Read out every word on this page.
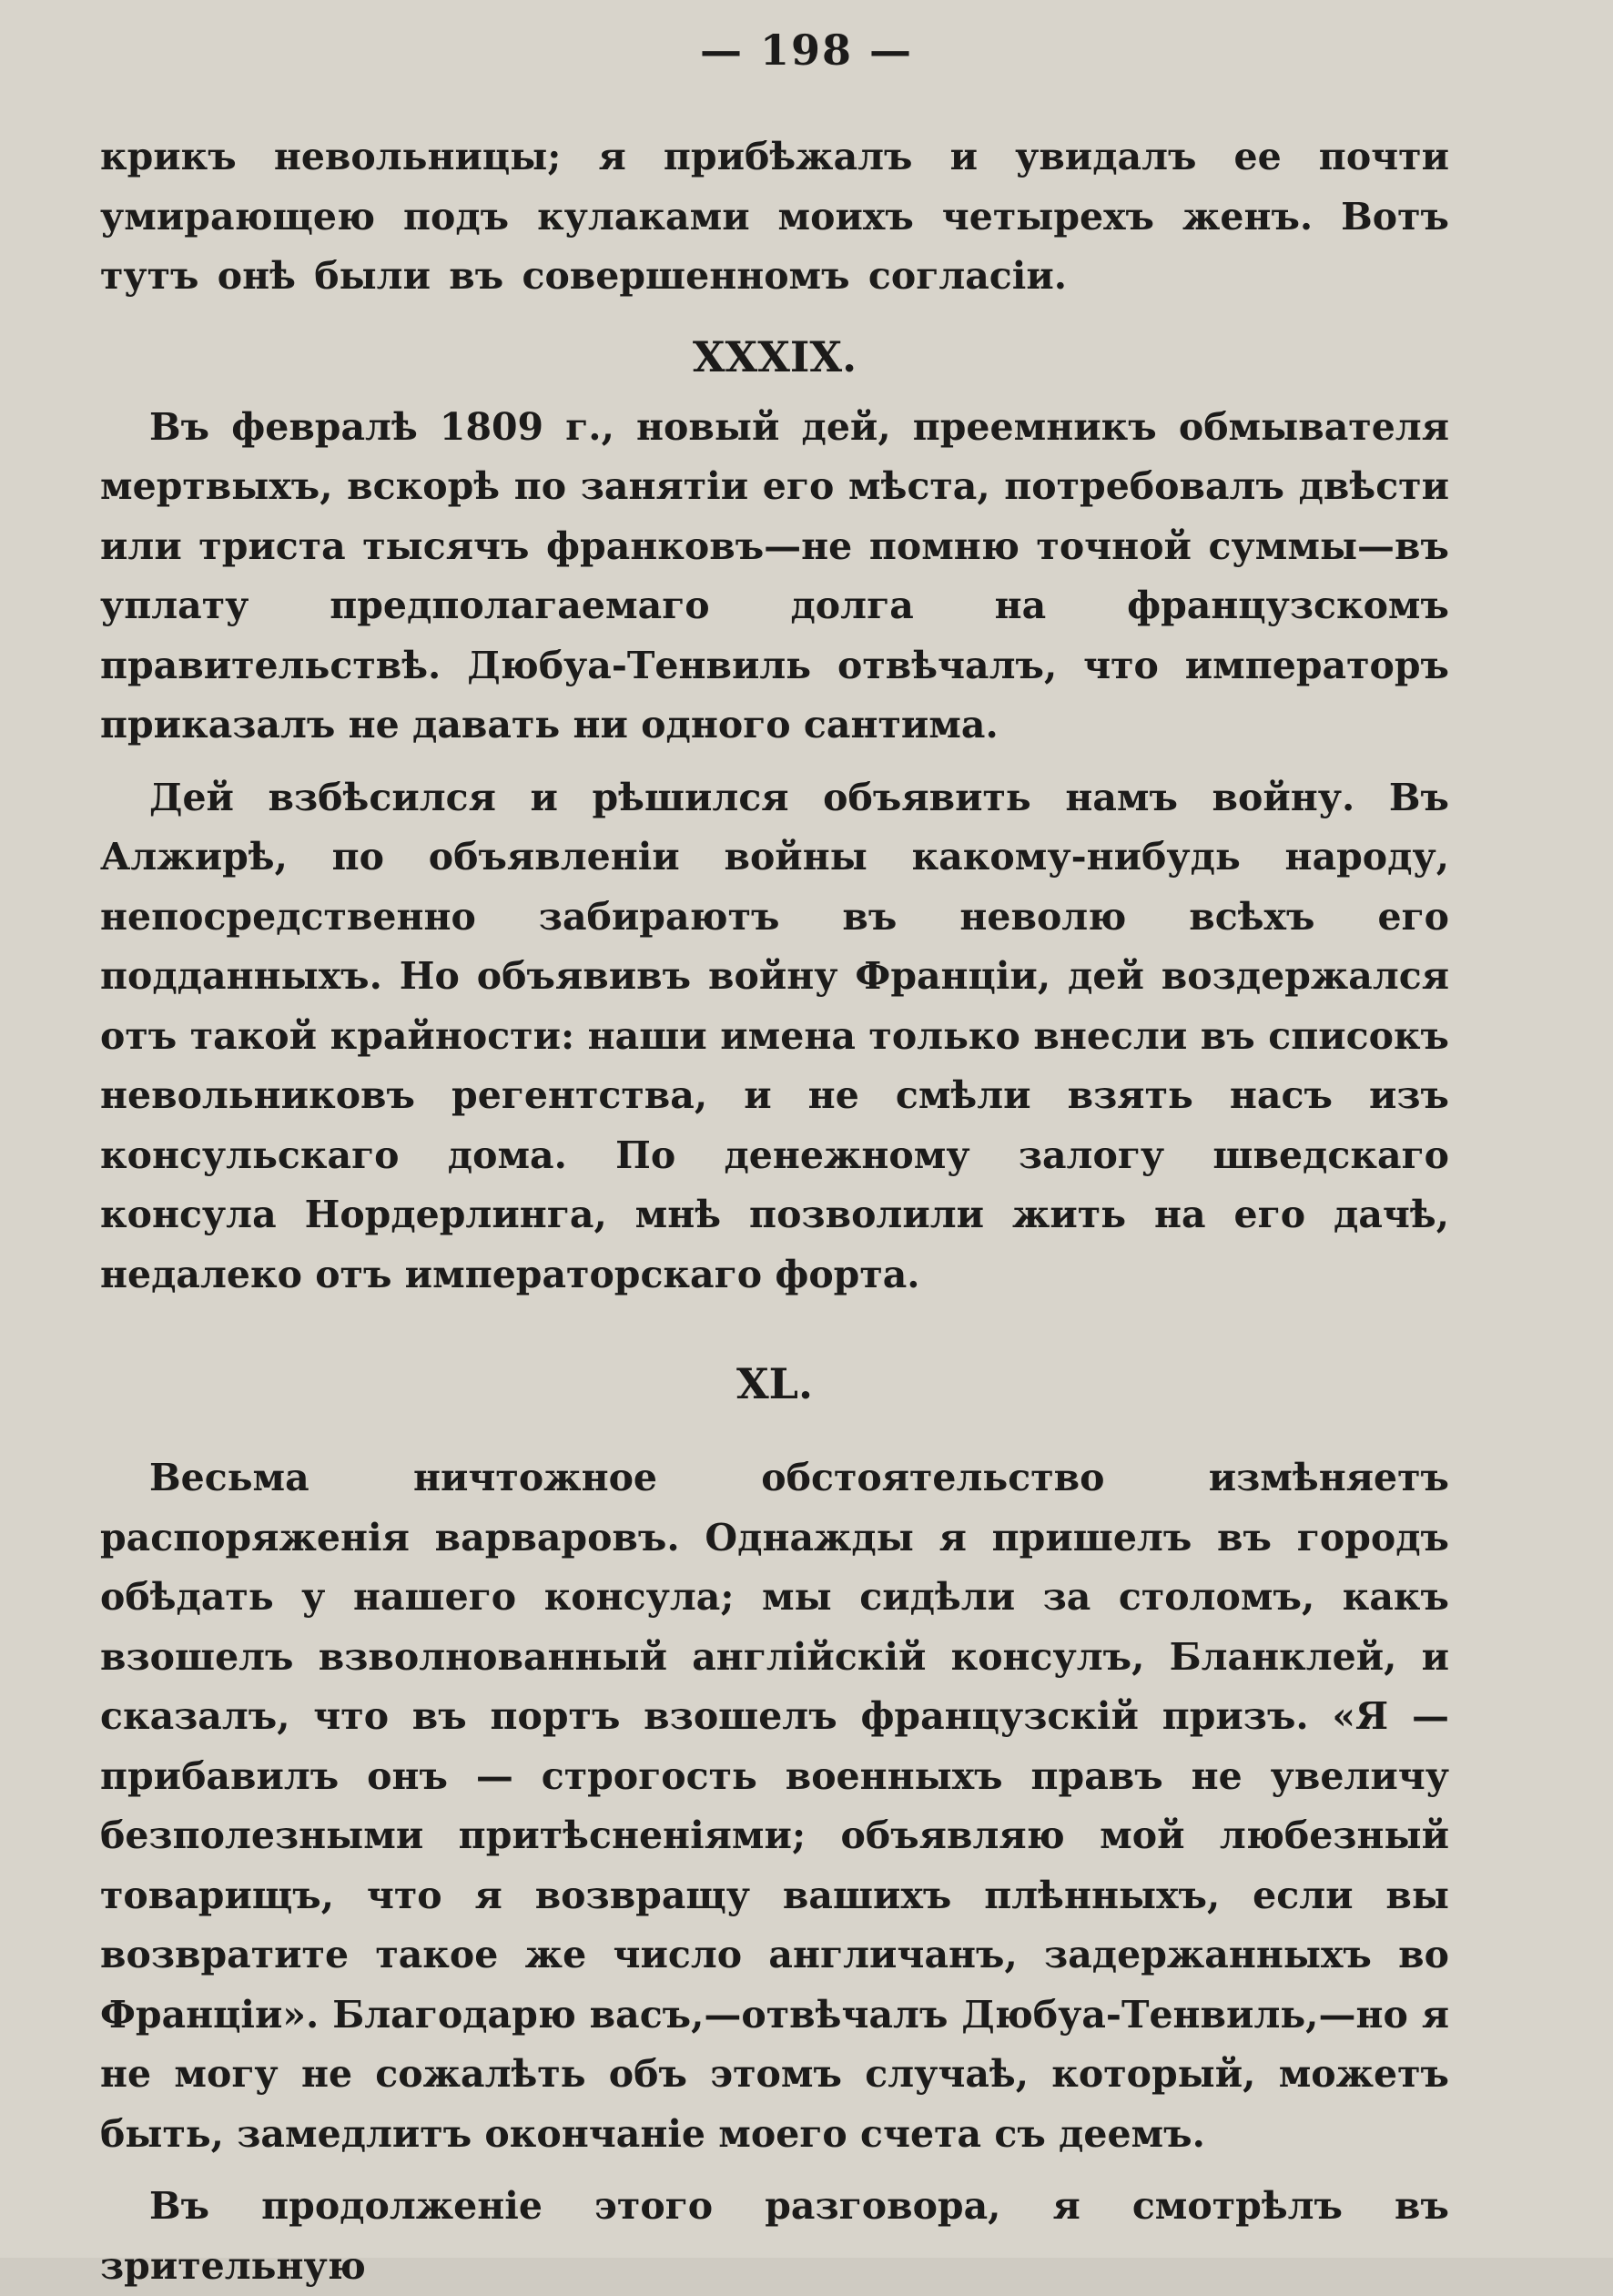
— 198 —

крикъ невольницы; я прибѣжалъ и увидалъ ее почти умирающею подъ кулаками моихъ четырехъ женъ. Вотъ тутъ онѣ были въ совершенномъ согласіи.

XXXIX.

Въ февралѣ 1809 г., новый дей, преемникъ обмывателя мертвыхъ, вскорѣ по занятіи его мѣста, потребовалъ двѣсти или триста тысячъ франковъ—не помню точной суммы—въ уплату предполагаемаго долга на французскомъ правительствѣ. Дюбуа-Тенвиль отвѣчалъ, что императоръ приказалъ не давать ни одного сантима.

Дей взбѣсился и рѣшился объявить намъ войну. Въ Алжирѣ, по объявленіи войны какому-нибудь народу, непосредственно забираютъ въ неволю всѣхъ его подданныхъ. Но объявивъ войну Франціи, дей воздержался отъ такой крайности: наши имена только внесли въ списокъ невольниковъ регентства, и не смѣли взять насъ изъ консульскаго дома. По денежному залогу шведскаго консула Нордерлинга, мнѣ позволили жить на его дачѣ, недалеко отъ императорскаго форта.

XL.

Весьма ничтожное обстоятельство измѣняетъ распоряженія варваровъ. Однажды я пришелъ въ городъ обѣдать у нашего консула; мы сидѣли за столомъ, какъ взошелъ взволнованный англійскій консулъ, Бланклей, и сказалъ, что въ портъ взошелъ французскій призъ. «Я — прибавилъ онъ — строгость военныхъ правъ не увеличу безполезными притѣсненіями; объявляю мой любезный товарищъ, что я возвращу вашихъ плѣнныхъ, если вы возвратите такое же число англичанъ, задержанныхъ во Франціи». Благодарю васъ,—отвѣчалъ Дюбуа-Тенвиль,—но я не могу не сожалѣть объ этомъ случаѣ, который, можетъ быть, замедлитъ окончаніе моего счета съ деемъ.

Въ продолженіе этого разговора, я смотрѣлъ въ зрительную
